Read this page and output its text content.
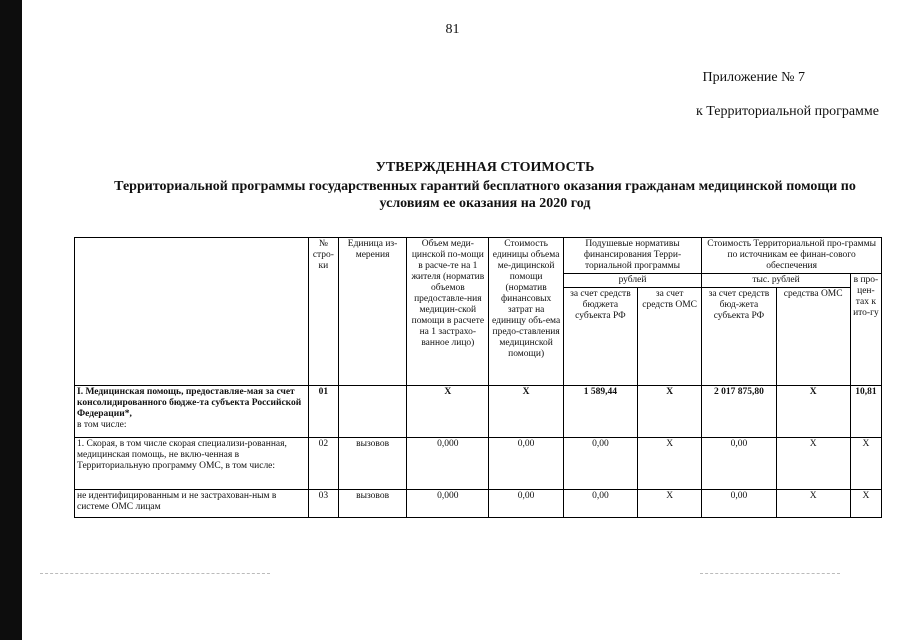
81
Приложение № 7
к Территориальной программе
УТВЕРЖДЕННАЯ СТОИМОСТЬ
Территориальной программы государственных гарантий бесплатного оказания гражданам медицинской помощи по
условиям ее оказания на 2020 год
	№ стро-ки	Единица из-мерения	Объем меди-цинской по-мощи в расче-те на 1 жителя (норматив объемов предоставле-ния медицин-ской помощи в расчете на 1 застрахо-ванное лицо)	Стоимость единицы объема ме-дицинской помощи (норматив финансовых затрат на единицу объ-ема предо-ставления медицинской помощи)	Подушевые нормативы финансирования Терри-ториальной программы		Стоимость Территориальной про-граммы по источникам ее финан-сового обеспечения		
					рублей		тыс. рублей		в про-цен-тах к ито-гу
					за счет средств бюджета субъекта РФ	за счет средств ОМС	за счет средств бюд-жета субъекта РФ	средства ОМС	
I. Медицинская помощь, предоставляе-мая за счет консолидированного бюдже-та субъекта Российской Федерации*,
в том числе:	01		X	X	1 589,44	X	2 017 875,80	X	10,81
1. Скорая, в том числе скорая специализи-рованная, медицинская помощь, не вклю-ченная в Территориальную программу ОМС, в том числе:	02	вызовов	0,000	0,00	0,00	X	0,00	X	X
не идентифицированным и не застрахован-ным в системе ОМС лицам	03	вызовов	0,000	0,00	0,00	X	0,00	X	X
